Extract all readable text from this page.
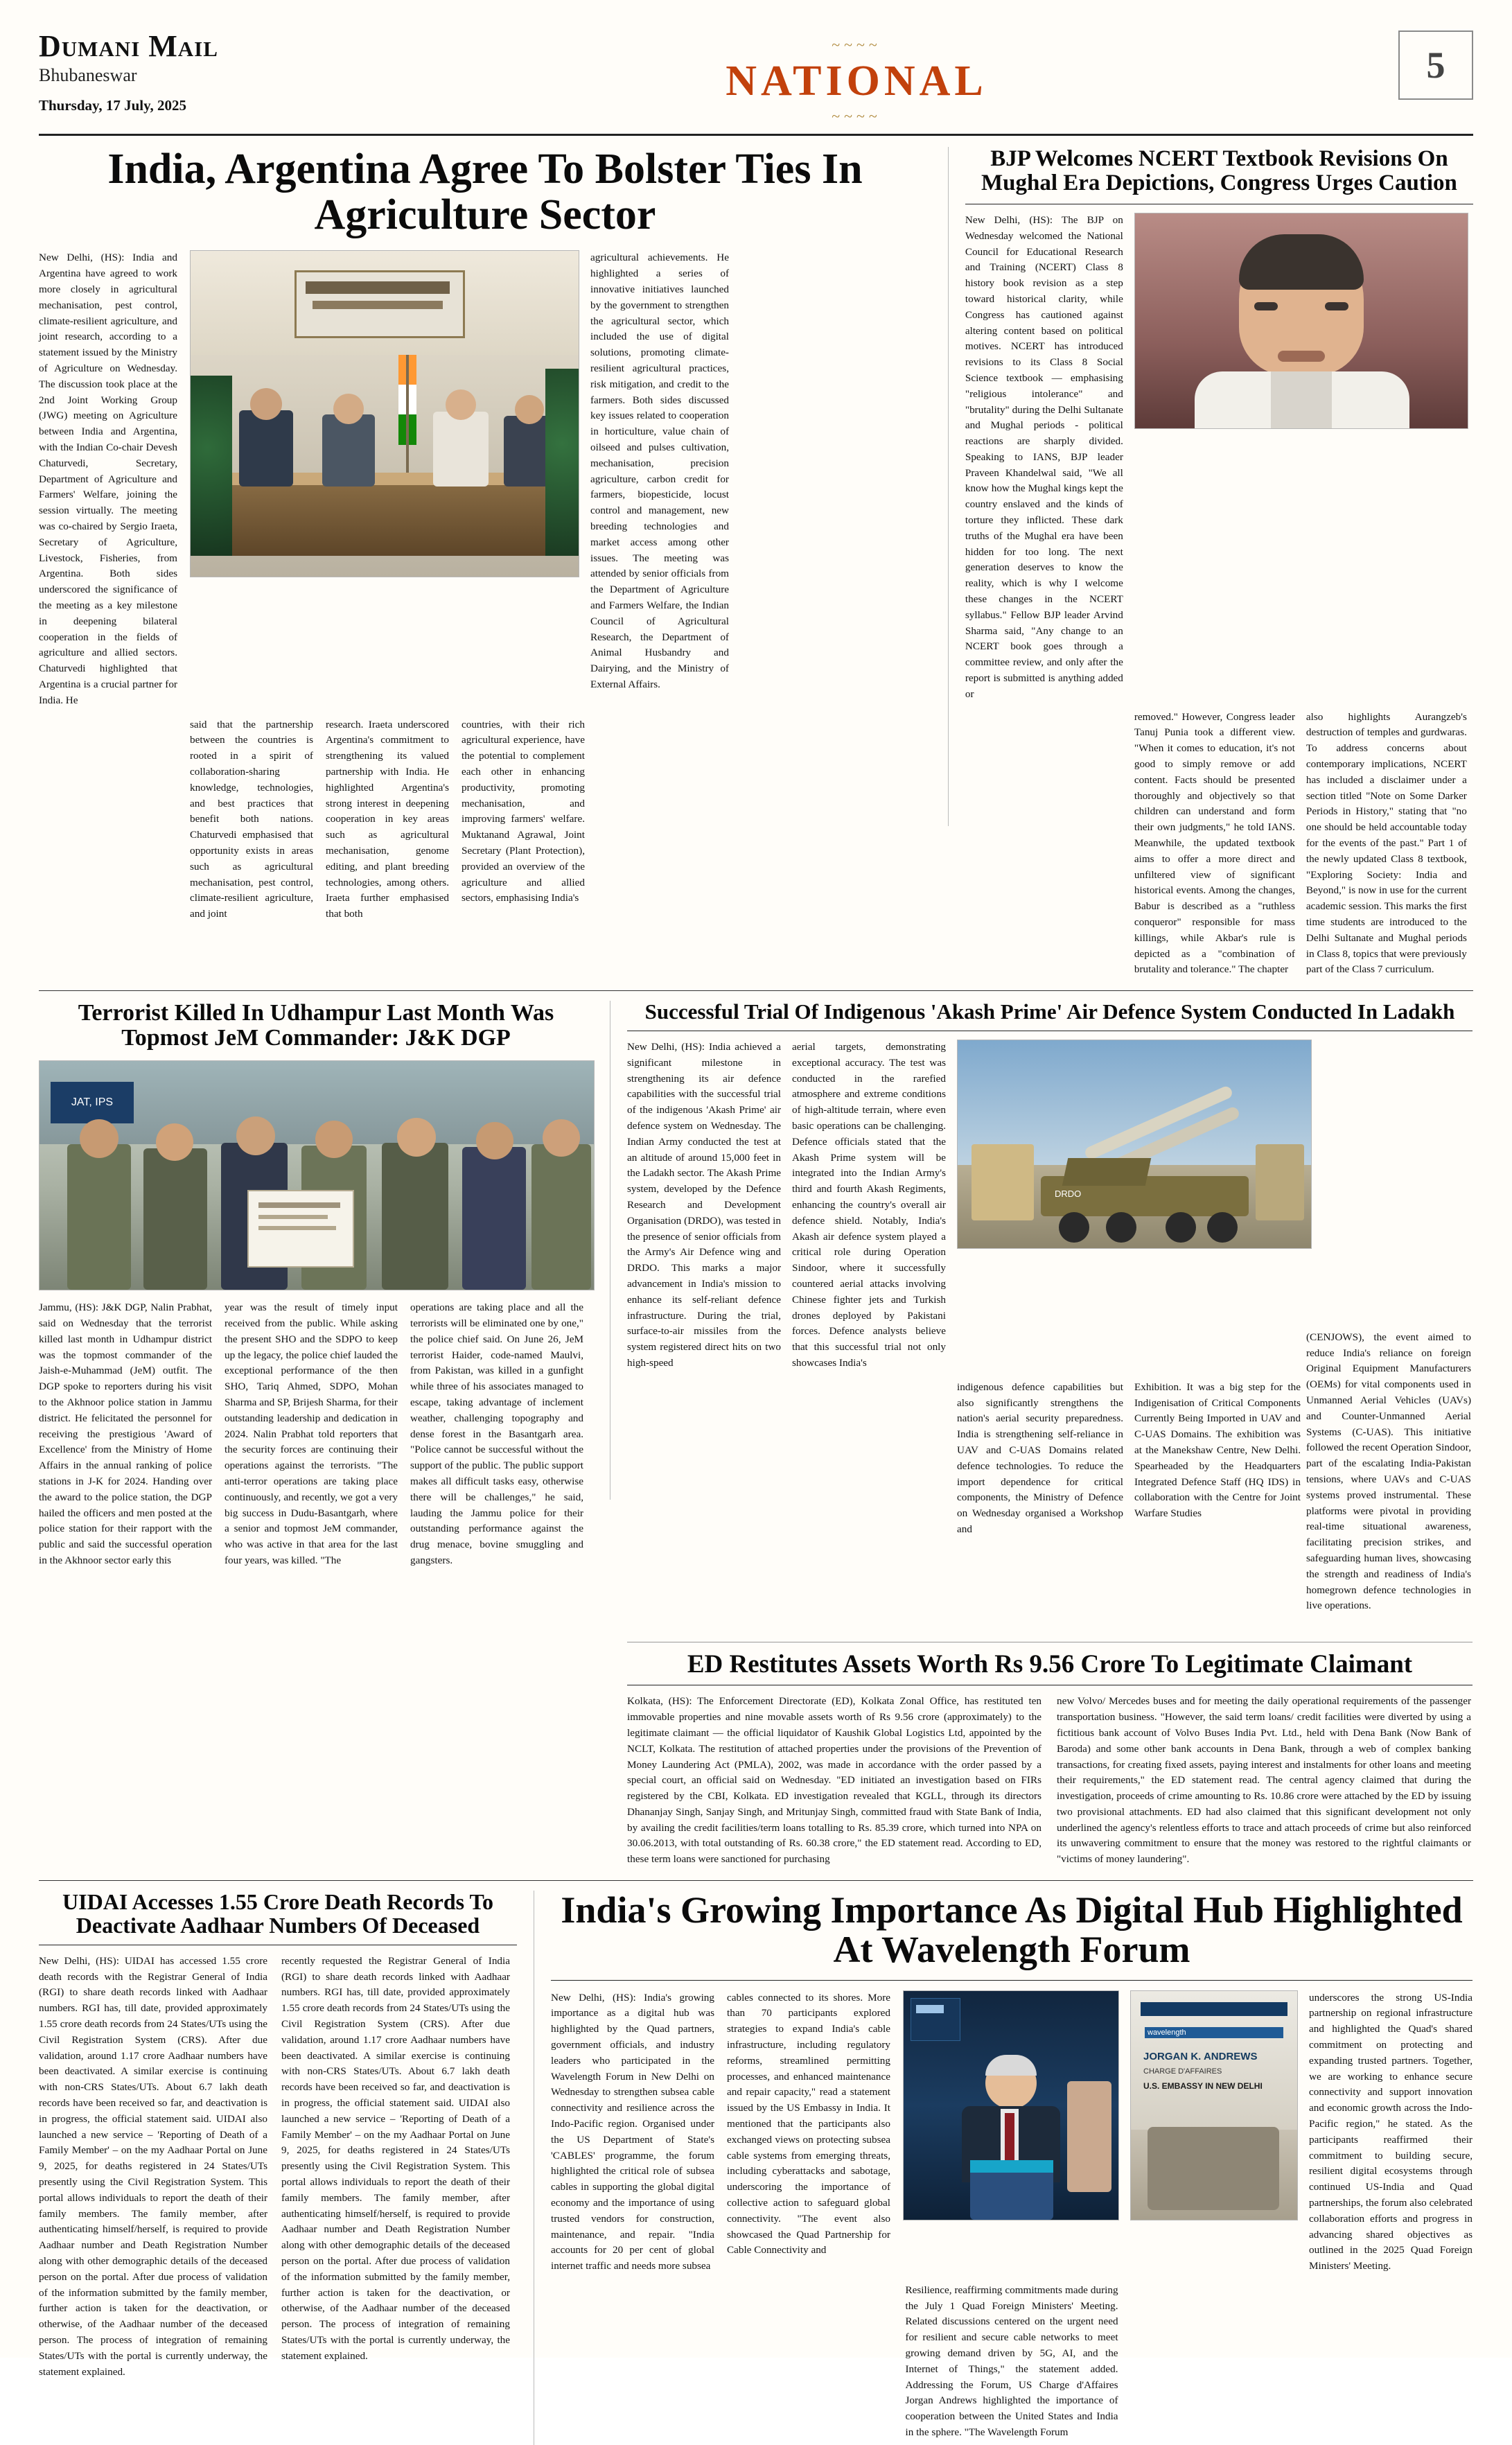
Dumani Mail
Bhubaneswar
Thursday, 17 July, 2025
~~~~
NATIONAL
~~~~
5
India, Argentina Agree To Bolster Ties In Agriculture Sector
New Delhi, (HS): India and Argentina have agreed to work more closely in agricultural mechanisation, pest control, climate-resilient agriculture, and joint research, according to a statement issued by the Ministry of Agriculture on Wednesday. The discussion took place at the 2nd Joint Working Group (JWG) meeting on Agriculture between India and Argentina, with the Indian Co-chair Devesh Chaturvedi, Secretary, Department of Agriculture and Farmers' Welfare, joining the session virtually. The meeting was co-chaired by Sergio Iraeta, Secretary of Agriculture, Livestock, Fisheries, from Argentina. Both sides underscored the significance of the meeting as a key milestone in deepening bilateral cooperation in the fields of agriculture and allied sectors. Chaturvedi highlighted that Argentina is a crucial partner for India. He
agricultural achievements. He highlighted a series of innovative initiatives launched by the government to strengthen the agricultural sector, which included the use of digital solutions, promoting climate-resilient agricultural practices, risk mitigation, and credit to the farmers. Both sides discussed key issues related to cooperation in horticulture, value chain of oilseed and pulses cultivation, mechanisation, precision agriculture, carbon credit for farmers, biopesticide, locust control and management, new breeding technologies and market access among other issues. The meeting was attended by senior officials from the Department of Agriculture and Farmers Welfare, the Indian Council of Agricultural Research, the Department of Animal Husbandry and Dairying, and the Ministry of External Affairs.
said that the partnership between the countries is rooted in a spirit of collaboration-sharing knowledge, technologies, and best practices that benefit both nations. Chaturvedi emphasised that opportunity exists in areas such as agricultural mechanisation, pest control, climate-resilient agriculture, and joint
research. Iraeta underscored Argentina's commitment to strengthening its valued partnership with India. He highlighted Argentina's strong interest in deepening cooperation in key areas such as agricultural mechanisation, genome editing, and plant breeding technologies, among others. Iraeta further emphasised that both
countries, with their rich agricultural experience, have the potential to complement each other in enhancing productivity, promoting mechanisation, and improving farmers' welfare. Muktanand Agrawal, Joint Secretary (Plant Protection), provided an overview of the agriculture and allied sectors, emphasising India's
BJP Welcomes NCERT Textbook Revisions On Mughal Era Depictions, Congress Urges Caution
New Delhi, (HS): The BJP on Wednesday welcomed the National Council for Educational Research and Training (NCERT) Class 8 history book revision as a step toward historical clarity, while Congress has cautioned against altering content based on political motives. NCERT has introduced revisions to its Class 8 Social Science textbook — emphasising "religious intolerance" and "brutality" during the Delhi Sultanate and Mughal periods - political reactions are sharply divided. Speaking to IANS, BJP leader Praveen Khandelwal said, "We all know how the Mughal kings kept the country enslaved and the kinds of torture they inflicted. These dark truths of the Mughal era have been hidden for too long. The next generation deserves to know the reality, which is why I welcome these changes in the NCERT syllabus." Fellow BJP leader Arvind Sharma said, "Any change to an NCERT book goes through a committee review, and only after the report is submitted is anything added or
removed." However, Congress leader Tanuj Punia took a different view. "When it comes to education, it's not good to simply remove or add content. Facts should be presented thoroughly and objectively so that children can understand and form their own judgments," he told IANS. Meanwhile, the updated textbook aims to offer a more direct and unfiltered view of significant historical events. Among the changes, Babur is described as a "ruthless conqueror" responsible for mass killings, while Akbar's rule is depicted as a "combination of brutality and tolerance." The chapter
also highlights Aurangzeb's destruction of temples and gurdwaras. To address concerns about contemporary implications, NCERT has included a disclaimer under a section titled "Note on Some Darker Periods in History," stating that "no one should be held accountable today for the events of the past." Part 1 of the newly updated Class 8 textbook, "Exploring Society: India and Beyond," is now in use for the current academic session. This marks the first time students are introduced to the Delhi Sultanate and Mughal periods in Class 8, topics that were previously part of the Class 7 curriculum.
Terrorist Killed In Udhampur Last Month Was Topmost JeM Commander: J&K DGP
JAT, IPS
Jammu, (HS): J&K DGP, Nalin Prabhat, said on Wednesday that the terrorist killed last month in Udhampur district was the topmost commander of the Jaish-e-Muhammad (JeM) outfit. The DGP spoke to reporters during his visit to the Akhnoor police station in Jammu district. He felicitated the personnel for receiving the prestigious 'Award of Excellence' from the Ministry of Home Affairs in the annual ranking of police stations in J-K for 2024. Handing over the award to the police station, the DGP hailed the officers and men posted at the police station for their rapport with the public and said the successful operation in the Akhnoor sector early this
year was the result of timely input received from the public. While asking the present SHO and the SDPO to keep up the legacy, the police chief lauded the exceptional performance of the then SHO, Tariq Ahmed, SDPO, Mohan Sharma and SP, Brijesh Sharma, for their outstanding leadership and dedication in 2024. Nalin Prabhat told reporters that the security forces are continuing their operations against the terrorists. "The anti-terror operations are taking place continuously, and recently, we got a very big success in Dudu-Basantgarh, where a senior and topmost JeM commander, who was active in that area for the last four years, was killed. "The
operations are taking place and all the terrorists will be eliminated one by one," the police chief said. On June 26, JeM terrorist Haider, code-named Maulvi, from Pakistan, was killed in a gunfight while three of his associates managed to escape, taking advantage of inclement weather, challenging topography and dense forest in the Basantgarh area. "Police cannot be successful without the support of the public. The public support makes all difficult tasks easy, otherwise there will be challenges," he said, lauding the Jammu police for their outstanding performance against the drug menace, bovine smuggling and gangsters.
Successful Trial Of Indigenous 'Akash Prime' Air Defence System Conducted In Ladakh
New Delhi, (HS): India achieved a significant milestone in strengthening its air defence capabilities with the successful trial of the indigenous 'Akash Prime' air defence system on Wednesday. The Indian Army conducted the test at an altitude of around 15,000 feet in the Ladakh sector. The Akash Prime system, developed by the Defence Research and Development Organisation (DRDO), was tested in the presence of senior officials from the Army's Air Defence wing and DRDO. This marks a major advancement in India's mission to enhance its self-reliant defence infrastructure. During the trial, surface-to-air missiles from the system registered direct hits on two high-speed
aerial targets, demonstrating exceptional accuracy. The test was conducted in the rarefied atmosphere and extreme conditions of high-altitude terrain, where even basic operations can be challenging. Defence officials stated that the Akash Prime system will be integrated into the Indian Army's third and fourth Akash Regiments, enhancing the country's overall air defence shield. Notably, India's Akash air defence system played a critical role during Operation Sindoor, where it successfully countered aerial attacks involving Chinese fighter jets and Turkish drones deployed by Pakistani forces. Defence analysts believe that this successful trial not only showcases India's
DRDO
indigenous defence capabilities but also significantly strengthens the nation's aerial security preparedness. India is strengthening self-reliance in UAV and C-UAS Domains related defence technologies. To reduce the import dependence for critical components, the Ministry of Defence on Wednesday organised a Workshop and
Exhibition. It was a big step for the Indigenisation of Critical Components Currently Being Imported in UAV and C-UAS Domains. The exhibition was at the Manekshaw Centre, New Delhi. Spearheaded by the Headquarters Integrated Defence Staff (HQ IDS) in collaboration with the Centre for Joint Warfare Studies
(CENJOWS), the event aimed to reduce India's reliance on foreign Original Equipment Manufacturers (OEMs) for vital components used in Unmanned Aerial Vehicles (UAVs) and Counter-Unmanned Aerial Systems (C-UAS). This initiative followed the recent Operation Sindoor, part of the escalating India-Pakistan tensions, where UAVs and C-UAS systems proved instrumental. These platforms were pivotal in providing real-time situational awareness, facilitating precision strikes, and safeguarding human lives, showcasing the strength and readiness of India's homegrown defence technologies in live operations.
ED Restitutes Assets Worth Rs 9.56 Crore To Legitimate Claimant
Kolkata, (HS): The Enforcement Directorate (ED), Kolkata Zonal Office, has restituted ten immovable properties and nine movable assets worth of Rs 9.56 crore (approximately) to the legitimate claimant — the official liquidator of Kaushik Global Logistics Ltd, appointed by the NCLT, Kolkata. The restitution of attached properties under the provisions of the Prevention of Money Laundering Act (PMLA), 2002, was made in accordance with the order passed by a special court, an official said on Wednesday. "ED initiated an investigation based on FIRs registered by the CBI, Kolkata. ED investigation revealed that KGLL, through its directors Dhananjay Singh, Sanjay Singh, and Mritunjay Singh, committed fraud with State Bank of India, by availing the credit facilities/term loans totalling to Rs. 85.39 crore, which turned into NPA on 30.06.2013, with total outstanding of Rs. 60.38 crore," the ED statement read. According to ED, these term loans were sanctioned for purchasing
new Volvo/ Mercedes buses and for meeting the daily operational requirements of the passenger transportation business. "However, the said term loans/ credit facilities were diverted by using a fictitious bank account of Volvo Buses India Pvt. Ltd., held with Dena Bank (Now Bank of Baroda) and some other bank accounts in Dena Bank, through a web of complex banking transactions, for creating fixed assets, paying interest and instalments for other loans and meeting their requirements," the ED statement read. The central agency claimed that during the investigation, proceeds of crime amounting to Rs. 10.86 crore were attached by the ED by issuing two provisional attachments. ED had also claimed that this significant development not only underlined the agency's relentless efforts to trace and attach proceeds of crime but also reinforced its unwavering commitment to ensure that the money was restored to the rightful claimants or "victims of money laundering".
UIDAI Accesses 1.55 Crore Death Records To Deactivate Aadhaar Numbers Of Deceased
New Delhi, (HS): UIDAI has accessed 1.55 crore death records with the Registrar General of India (RGI) to share death records linked with Aadhaar numbers. RGI has, till date, provided approximately 1.55 crore death records from 24 States/UTs using the Civil Registration System (CRS). After due validation, around 1.17 crore Aadhaar numbers have been deactivated. A similar exercise is continuing with non-CRS States/UTs. About 6.7 lakh death records have been received so far, and deactivation is in progress, the official statement said. UIDAI also launched a new service – 'Reporting of Death of a Family Member' – on the my Aadhaar Portal on June 9, 2025, for deaths registered in 24 States/UTs presently using the Civil Registration System. This portal allows individuals to report the death of their family members. The family member, after authenticating himself/herself, is required to provide Aadhaar number and Death Registration Number along with other demographic details of the deceased person on the portal. After due process of validation of the information submitted by the family member, further action is taken for the deactivation, or otherwise, of the Aadhaar number of the deceased person. The process of integration of remaining States/UTs with the portal is currently underway, the statement explained.
recently requested the Registrar General of India (RGI) to share death records linked with Aadhaar numbers. RGI has, till date, provided approximately 1.55 crore death records from 24 States/UTs using the Civil Registration System (CRS). After due validation, around 1.17 crore Aadhaar numbers have been deactivated. A similar exercise is continuing with non-CRS States/UTs. About 6.7 lakh death records have been received so far, and deactivation is in progress, the official statement said. UIDAI also launched a new service – 'Reporting of Death of a Family Member' – on the my Aadhaar Portal on June 9, 2025, for deaths registered in 24 States/UTs presently using the Civil Registration System. This portal allows individuals to report the death of their family members. The family member, after authenticating himself/herself, is required to provide Aadhaar number and Death Registration Number along with other demographic details of the deceased person on the portal. After due process of validation of the information submitted by the family member, further action is taken for the deactivation, or otherwise, of the Aadhaar number of the deceased person. The process of integration of remaining States/UTs with the portal is currently underway, the statement explained.
India's Growing Importance As Digital Hub Highlighted At Wavelength Forum
New Delhi, (HS): India's growing importance as a digital hub was highlighted by the Quad partners, government officials, and industry leaders who participated in the Wavelength Forum in New Delhi on Wednesday to strengthen subsea cable connectivity and resilience across the Indo-Pacific region. Organised under the US Department of State's 'CABLES' programme, the forum highlighted the critical role of subsea cables in supporting the global digital economy and the importance of using trusted vendors for construction, maintenance, and repair. "India accounts for 20 per cent of global internet traffic and needs more subsea
cables connected to its shores. More than 70 participants explored strategies to expand India's cable infrastructure, including regulatory reforms, streamlined permitting processes, and enhanced maintenance and repair capacity," read a statement issued by the US Embassy in India. It mentioned that the participants also exchanged views on protecting subsea cable systems from emerging threats, including cyberattacks and sabotage, underscoring the importance of collective action to safeguard global connectivity. "The event also showcased the Quad Partnership for Cable Connectivity and
wavelength
JORGAN K. ANDREWS
CHARGE D'AFFAIRES
U.S. EMBASSY IN NEW DELHI
underscores the strong US-India partnership on regional infrastructure and highlighted the Quad's shared commitment on protecting and expanding trusted partners. Together, we are working to enhance secure connectivity and support innovation and economic growth across the Indo-Pacific region," he stated. As the participants reaffirmed their commitment to building secure, resilient digital ecosystems through continued US-India and Quad partnerships, the forum also celebrated collaboration efforts and progress in advancing shared objectives as outlined in the 2025 Quad Foreign Ministers' Meeting.
Resilience, reaffirming commitments made during the July 1 Quad Foreign Ministers' Meeting. Related discussions centered on the urgent need for resilient and secure cable networks to meet growing demand driven by 5G, AI, and the Internet of Things," the statement added. Addressing the Forum, US Charge d'Affaires Jorgan Andrews highlighted the importance of cooperation between the United States and India in the sphere. "The Wavelength Forum
